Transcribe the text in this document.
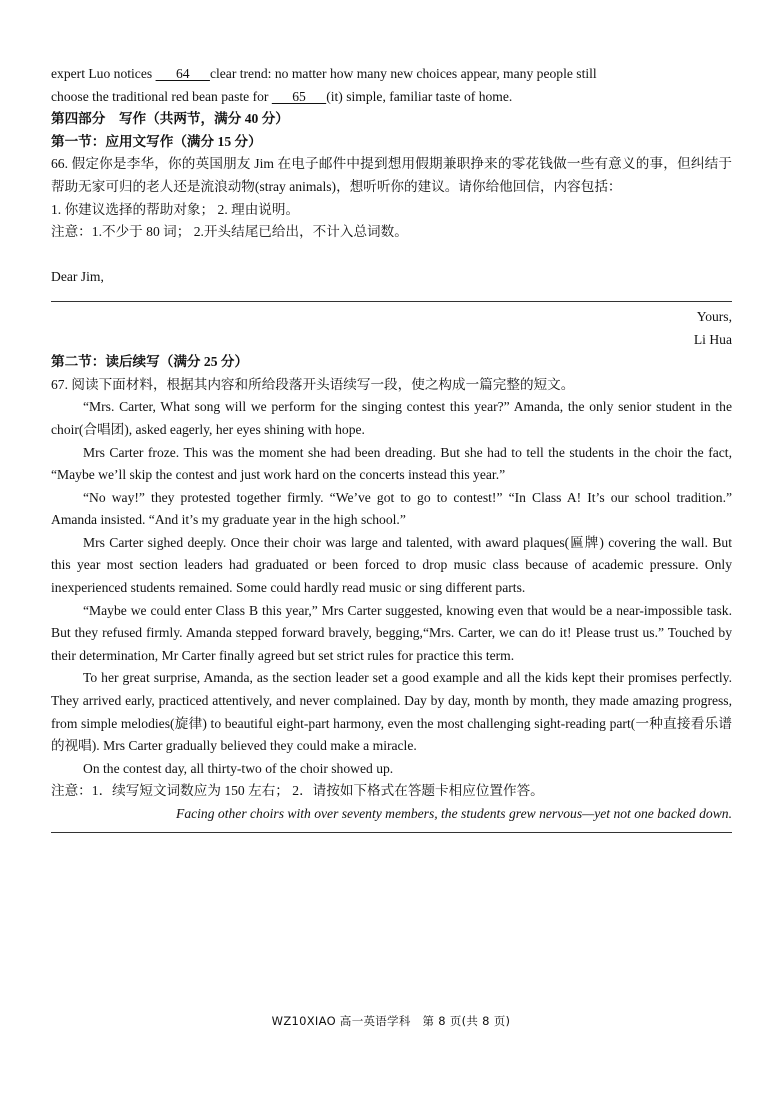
expert Luo notices       64      clear trend: no matter how many new choices appear, many people still

choose the traditional red bean paste for       65      (it) simple, familiar taste of home.

第四部分　写作（共两节，满分 40 分）

第一节：应用文写作（满分 15 分）

66. 假定你是李华，你的英国朋友 Jim 在电子邮件中提到想用假期兼职挣来的零花钱做一些有意义的事，但纠结于帮助无家可归的老人还是流浪动物(stray animals)，想听听你的建议。请你给他回信，内容包括：

1. 你建议选择的帮助对象； 2. 理由说明。

注意：1.不少于 80 词； 2.开头结尾已给出，不计入总词数。

Dear Jim,

Yours,

Li Hua

第二节：读后续写（满分 25 分）

67. 阅读下面材料，根据其内容和所给段落开头语续写一段，使之构成一篇完整的短文。

“Mrs. Carter, What song will we perform for the singing contest this year?” Amanda, the only senior student in the choir(合唱团), asked eagerly, her eyes shining with hope.

Mrs Carter froze. This was the moment she had been dreading. But she had to tell the students in the choir the fact, “Maybe we’ll skip the contest and just work hard on the concerts instead this year.”

“No way!” they protested together firmly. “We’ve got to go to contest!” “In Class A! It’s our school tradition.” Amanda insisted. “And it’s my graduate year in the high school.”

Mrs Carter sighed deeply. Once their choir was large and talented, with award plaques(匾牌) covering the wall. But this year most section leaders had graduated or been forced to drop music class because of academic pressure. Only inexperienced students remained. Some could hardly read music or sing different parts.

“Maybe we could enter Class B this year,” Mrs Carter suggested, knowing even that would be a near-impossible task. But they refused firmly. Amanda stepped forward bravely, begging,“Mrs. Carter, we can do it! Please trust us.” Touched by their determination, Mr Carter finally agreed but set strict rules for practice this term.

To her great surprise, Amanda, as the section leader set a good example and all the kids kept their promises perfectly. They arrived early, practiced attentively, and never complained. Day by day, month by month, they made amazing progress, from simple melodies(旋律) to beautiful eight-part harmony, even the most challenging sight-reading part(一种直接看乐谱的视唱). Mrs Carter gradually believed they could make a miracle.

On the contest day, all thirty-two of the choir showed up.

注意：1．续写短文词数应为 150 左右； 2．请按如下格式在答题卡相应位置作答。

Facing other choirs with over seventy members, the students grew nervous—yet not one backed down.

WZ10XIAO 高一英语学科　第 8 页(共 8 页)
